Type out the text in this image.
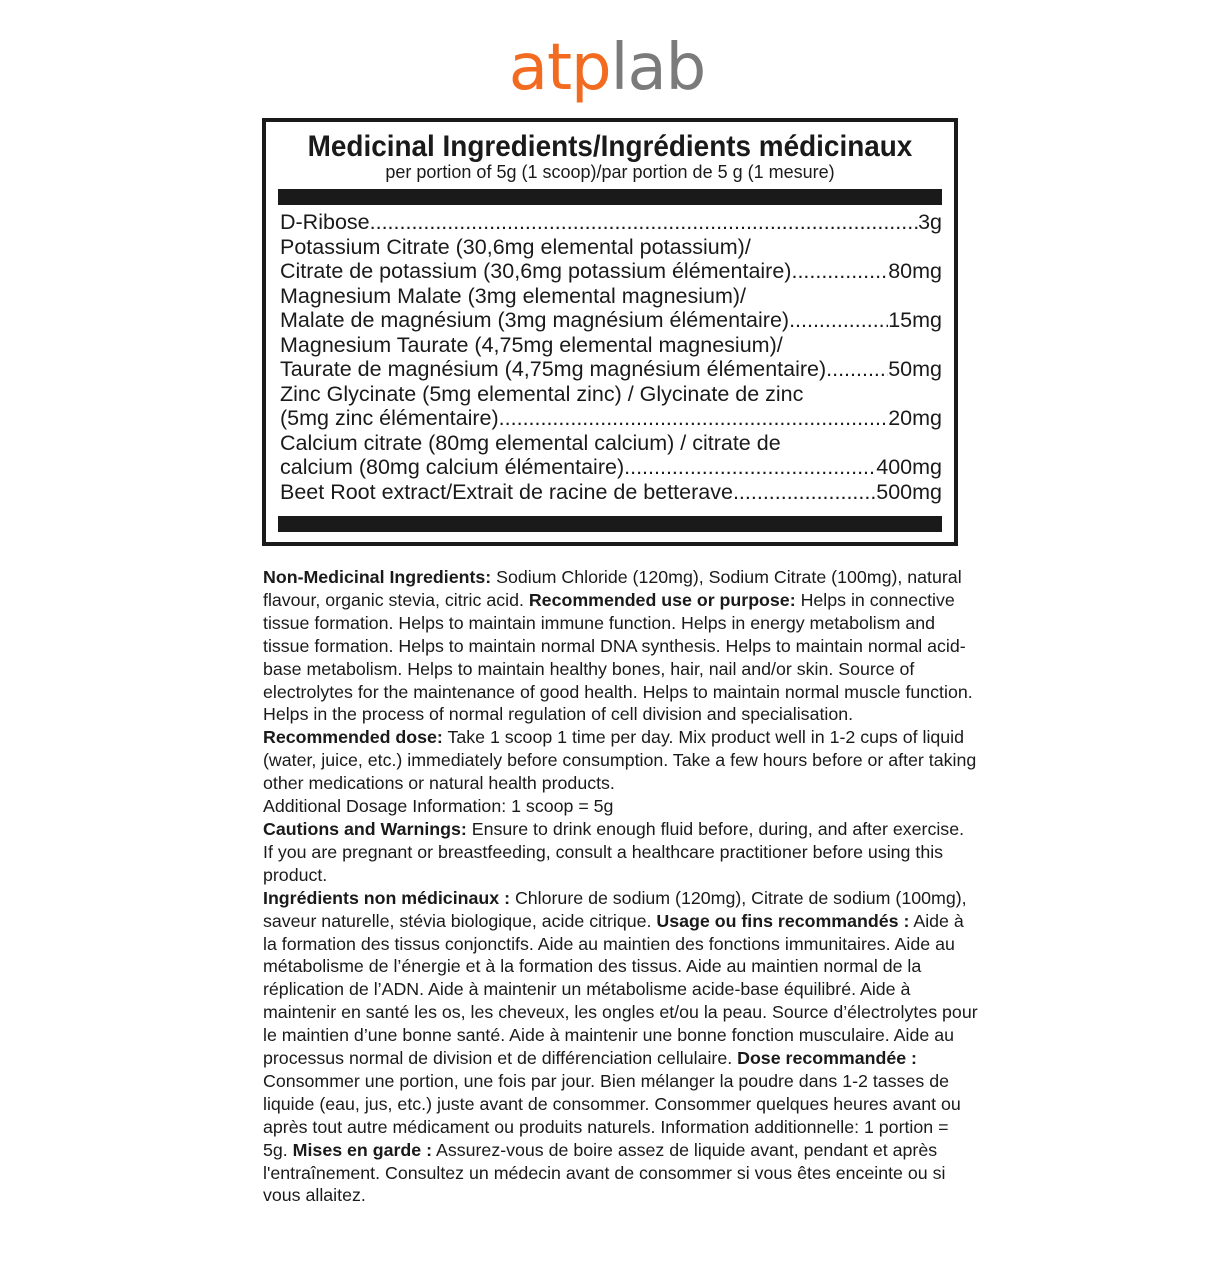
atplab
Medicinal Ingredients/Ingrédients médicinaux
per portion of 5g (1 scoop)/par portion de 5 g (1 mesure)
D-Ribose .....	3g
Potassium Citrate (30,6mg elemental potassium)/
Citrate de potassium (30,6mg potassium élémentaire) .....	80mg
Magnesium Malate (3mg elemental magnesium)/
Malate de magnésium (3mg magnésium élémentaire) .....	15mg
Magnesium Taurate (4,75mg elemental magnesium)/
Taurate de magnésium (4,75mg magnésium élémentaire) .....	50mg
Zinc Glycinate (5mg elemental zinc) / Glycinate de zinc
(5mg zinc élémentaire) .....	20mg
Calcium citrate (80mg elemental calcium) / citrate de
calcium (80mg calcium élémentaire) .....	400mg
Beet Root extract/Extrait de racine de betterave .....	500mg
Non-Medicinal Ingredients: Sodium Chloride (120mg), Sodium Citrate (100mg), natural flavour, organic stevia, citric acid. Recommended use or purpose: Helps in connective tissue formation. Helps to maintain immune function. Helps in energy metabolism and tissue formation. Helps to maintain normal DNA synthesis. Helps to maintain normal acid-base metabolism. Helps to maintain healthy bones, hair, nail and/or skin. Source of electrolytes for the maintenance of good health. Helps to maintain normal muscle function. Helps in the process of normal regulation of cell division and specialisation.
Recommended dose: Take 1 scoop 1 time per day. Mix product well in 1-2 cups of liquid (water, juice, etc.) immediately before consumption. Take a few hours before or after taking other medications or natural health products.
Additional Dosage Information: 1 scoop = 5g
Cautions and Warnings: Ensure to drink enough fluid before, during, and after exercise. If you are pregnant or breastfeeding, consult a healthcare practitioner before using this product.
Ingrédients non médicinaux : Chlorure de sodium (120mg), Citrate de sodium (100mg), saveur naturelle, stévia biologique, acide citrique. Usage ou fins recommandés : Aide à la formation des tissus conjonctifs. Aide au maintien des fonctions immunitaires. Aide au métabolisme de l’énergie et à la formation des tissus. Aide au maintien normal de la réplication de l’ADN. Aide à maintenir un métabolisme acide-base équilibré. Aide à maintenir en santé les os, les cheveux, les ongles et/ou la peau. Source d’électrolytes pour le maintien d’une bonne santé. Aide à maintenir une bonne fonction musculaire. Aide au processus normal de division et de différenciation cellulaire. Dose recommandée : Consommer une portion, une fois par jour. Bien mélanger la poudre dans 1-2 tasses de liquide (eau, jus, etc.) juste avant de consommer. Consommer quelques heures avant ou après tout autre médicament ou produits naturels. Information additionnelle: 1 portion = 5g. Mises en garde : Assurez-vous de boire assez de liquide avant, pendant et après l'entraînement. Consultez un médecin avant de consommer si vous êtes enceinte ou si vous allaitez.
